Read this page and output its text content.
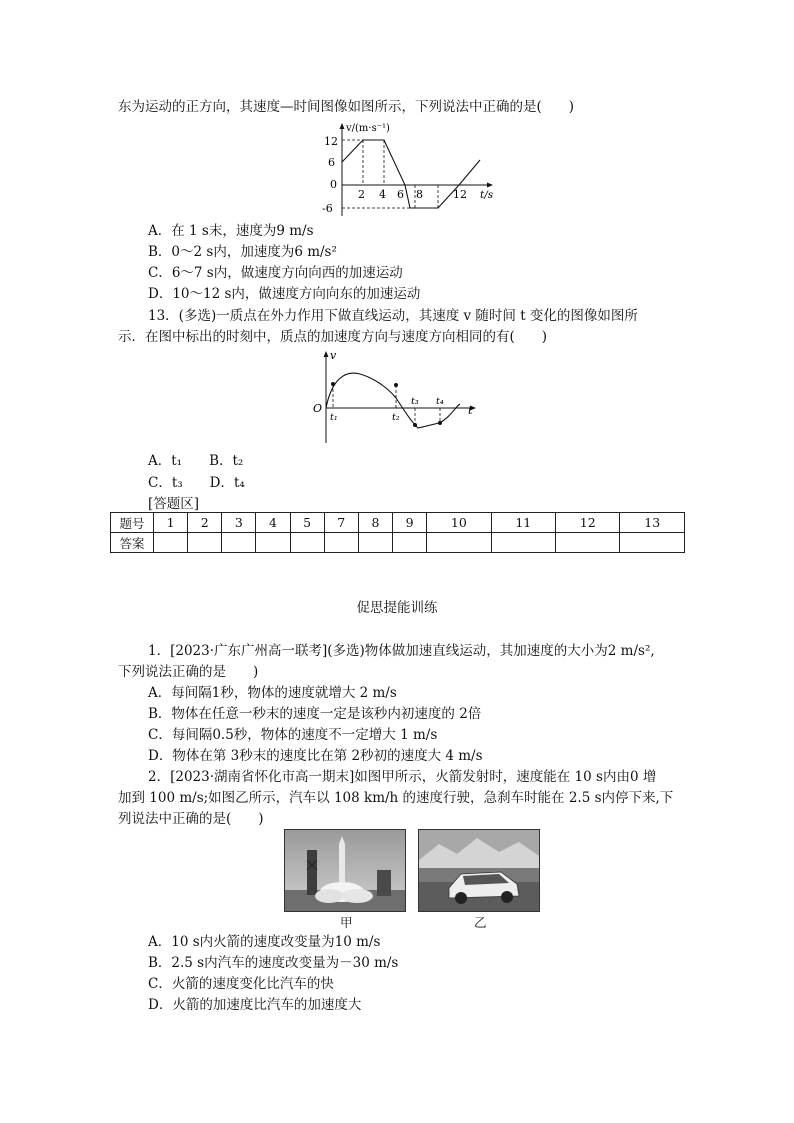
东为运动的正方向，其速度—时间图像如图所示，下列说法中正确的是(　　)
v/(m·s⁻¹)
t/s
12
6
0
-6
2 4 6 8	12
A．在 1 s末，速度为9 m/s
B．0～2 s内，加速度为6 m/s²
C．6～7 s内，做速度方向向西的加速运动
D．10～12 s内，做速度方向向东的加速运动
13．(多选)一质点在外力作用下做直线运动，其速度 v 随时间 t 变化的图像如图所
示．在图中标出的时刻中，质点的加速度方向与速度方向相同的有(　　)
v
t
O
t₁	t₂
t₃ t₄
A．t₁　　B．t₂
C．t₃　　D．t₄
[答题区]
题号	1	2	3	4	5	7	8	9	10	11	12	13
答案												
促思提能训练
1．[2023·广东广州高一联考](多选)物体做加速直线运动，其加速度的大小为2 m/s²,
下列说法正确的是　　)
A．每间隔1秒，物体的速度就增大 2 m/s
B．物体在任意一秒末的速度一定是该秒内初速度的 2倍
C．每间隔0.5秒，物体的速度不一定增大 1 m/s
D．物体在第 3秒末的速度比在第 2秒初的速度大 4 m/s
2．[2023·湖南省怀化市高一期末]如图甲所示，火箭发射时，速度能在 10 s内由0 增
加到 100 m/s;如图乙所示，汽车以 108 km/h 的速度行驶，急刹车时能在 2.5 s内停下来,下
列说法中正确的是(　　)
甲	乙
A．10 s内火箭的速度改变量为10 m/s
B．2.5 s内汽车的速度改变量为－30 m/s
C．火箭的速度变化比汽车的快
D．火箭的加速度比汽车的加速度大
